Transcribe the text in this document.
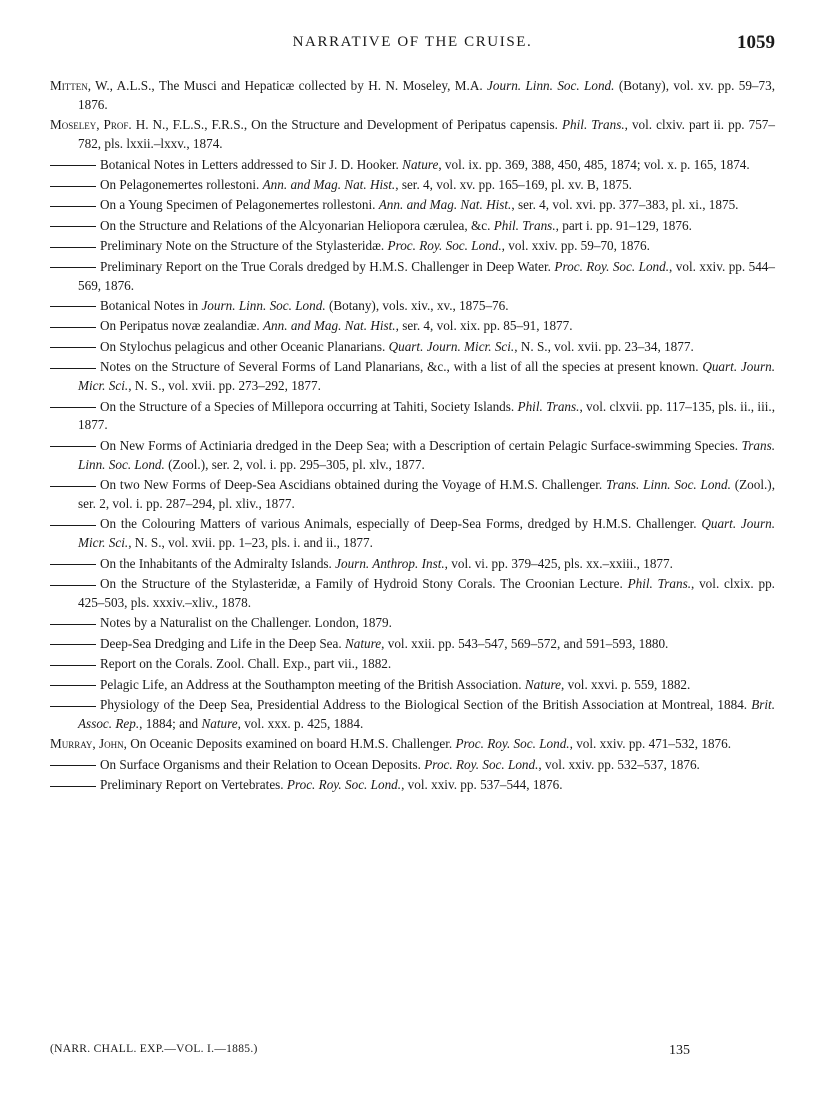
NARRATIVE OF THE CRUISE.	1059

Mitten, W., A.L.S., The Musci and Hepaticæ collected by H. N. Moseley, M.A. Journ. Linn. Soc. Lond. (Botany), vol. xv. pp. 59–73, 1876.

Moseley, Prof. H. N., F.L.S., F.R.S., On the Structure and Development of Peripatus capensis. Phil. Trans., vol. clxiv. part ii. pp. 757–782, pls. lxxii.–lxxv., 1874.

Botanical Notes in Letters addressed to Sir J. D. Hooker. Nature, vol. ix. pp. 369, 388, 450, 485, 1874; vol. x. p. 165, 1874.

On Pelagonemertes rollestoni. Ann. and Mag. Nat. Hist., ser. 4, vol. xv. pp. 165–169, pl. xv. B, 1875.

On a Young Specimen of Pelagonemertes rollestoni. Ann. and Mag. Nat. Hist., ser. 4, vol. xvi. pp. 377–383, pl. xi., 1875.

On the Structure and Relations of the Alcyonarian Heliopora cærulea, &c. Phil. Trans., part i. pp. 91–129, 1876.

Preliminary Note on the Structure of the Stylasteridæ. Proc. Roy. Soc. Lond., vol. xxiv. pp. 59–70, 1876.

Preliminary Report on the True Corals dredged by H.M.S. Challenger in Deep Water. Proc. Roy. Soc. Lond., vol. xxiv. pp. 544–569, 1876.

Botanical Notes in Journ. Linn. Soc. Lond. (Botany), vols. xiv., xv., 1875–76.

On Peripatus novæ zealandiæ. Ann. and Mag. Nat. Hist., ser. 4, vol. xix. pp. 85–91, 1877.

On Stylochus pelagicus and other Oceanic Planarians. Quart. Journ. Micr. Sci., N. S., vol. xvii. pp. 23–34, 1877.

Notes on the Structure of Several Forms of Land Planarians, &c., with a list of all the species at present known. Quart. Journ. Micr. Sci., N. S., vol. xvii. pp. 273–292, 1877.

On the Structure of a Species of Millepora occurring at Tahiti, Society Islands. Phil. Trans., vol. clxvii. pp. 117–135, pls. ii., iii., 1877.

On New Forms of Actiniaria dredged in the Deep Sea; with a Description of certain Pelagic Surface-swimming Species. Trans. Linn. Soc. Lond. (Zool.), ser. 2, vol. i. pp. 295–305, pl. xlv., 1877.

On two New Forms of Deep-Sea Ascidians obtained during the Voyage of H.M.S. Challenger. Trans. Linn. Soc. Lond. (Zool.), ser. 2, vol. i. pp. 287–294, pl. xliv., 1877.

On the Colouring Matters of various Animals, especially of Deep-Sea Forms, dredged by H.M.S. Challenger. Quart. Journ. Micr. Sci., N. S., vol. xvii. pp. 1–23, pls. i. and ii., 1877.

On the Inhabitants of the Admiralty Islands. Journ. Anthrop. Inst., vol. vi. pp. 379–425, pls. xx.–xxiii., 1877.

On the Structure of the Stylasteridæ, a Family of Hydroid Stony Corals. The Croonian Lecture. Phil. Trans., vol. clxix. pp. 425–503, pls. xxxiv.–xliv., 1878.

Notes by a Naturalist on the Challenger. London, 1879.

Deep-Sea Dredging and Life in the Deep Sea. Nature, vol. xxii. pp. 543–547, 569–572, and 591–593, 1880.

Report on the Corals. Zool. Chall. Exp., part vii., 1882.

Pelagic Life, an Address at the Southampton meeting of the British Association. Nature, vol. xxvi. p. 559, 1882.

Physiology of the Deep Sea, Presidential Address to the Biological Section of the British Association at Montreal, 1884. Brit. Assoc. Rep., 1884; and Nature, vol. xxx. p. 425, 1884.

Murray, John, On Oceanic Deposits examined on board H.M.S. Challenger. Proc. Roy. Soc. Lond., vol. xxiv. pp. 471–532, 1876.

On Surface Organisms and their Relation to Ocean Deposits. Proc. Roy. Soc. Lond., vol. xxiv. pp. 532–537, 1876.

Preliminary Report on Vertebrates. Proc. Roy. Soc. Lond., vol. xxiv. pp. 537–544, 1876.

(NARR. CHALL. EXP.—VOL. I.—1885.)	135
